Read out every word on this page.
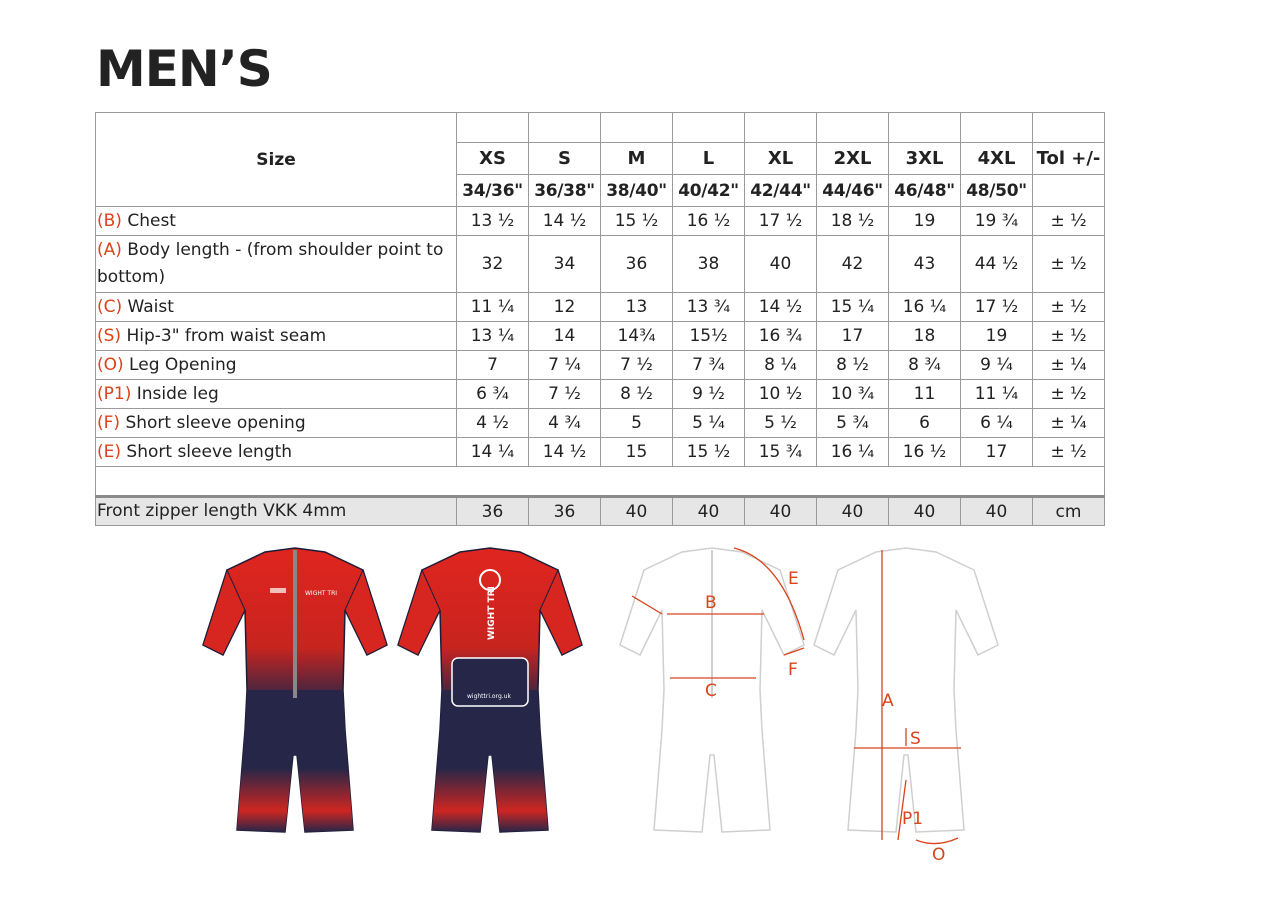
MEN’S
Size									
	XS	S	M	L	XL	2XL	3XL	4XL	Tol +/-
	34/36"	36/38"	38/40"	40/42"	42/44"	44/46"	46/48"	48/50"	
(B) Chest	13 ½	14 ½	15 ½	16 ½	17 ½	18 ½	19	19 ¾	± ½
(A) Body length - (from shoulder point to bottom)	32	34	36	38	40	42	43	44 ½	± ½
(C) Waist	11 ¼	12	13	13 ¾	14 ½	15 ¼	16 ¼	17 ½	± ½
(S) Hip-3" from waist seam	13 ¼	14	14¾	15½	16 ¾	17	18	19	± ½
(O) Leg Opening	7	7 ¼	7 ½	7 ¾	8 ¼	8 ½	8 ¾	9 ¼	± ¼
(P1) Inside leg	6 ¾	7 ½	8 ½	9 ½	10 ½	10 ¾	11	11 ¼	± ½
(F) Short sleeve opening	4 ½	4 ¾	5	5 ¼	5 ½	5 ¾	6	6 ¼	± ¼
(E) Short sleeve length	14 ¼	14 ½	15	15 ½	15 ¾	16 ¼	16 ½	17	± ½

Front zipper length VKK 4mm	36	36	40	40	40	40	40	40	cm
WIGHT TRI	WIGHT TRI
wighttri.org.uk
B
E
F
C	A
S
P1
O
